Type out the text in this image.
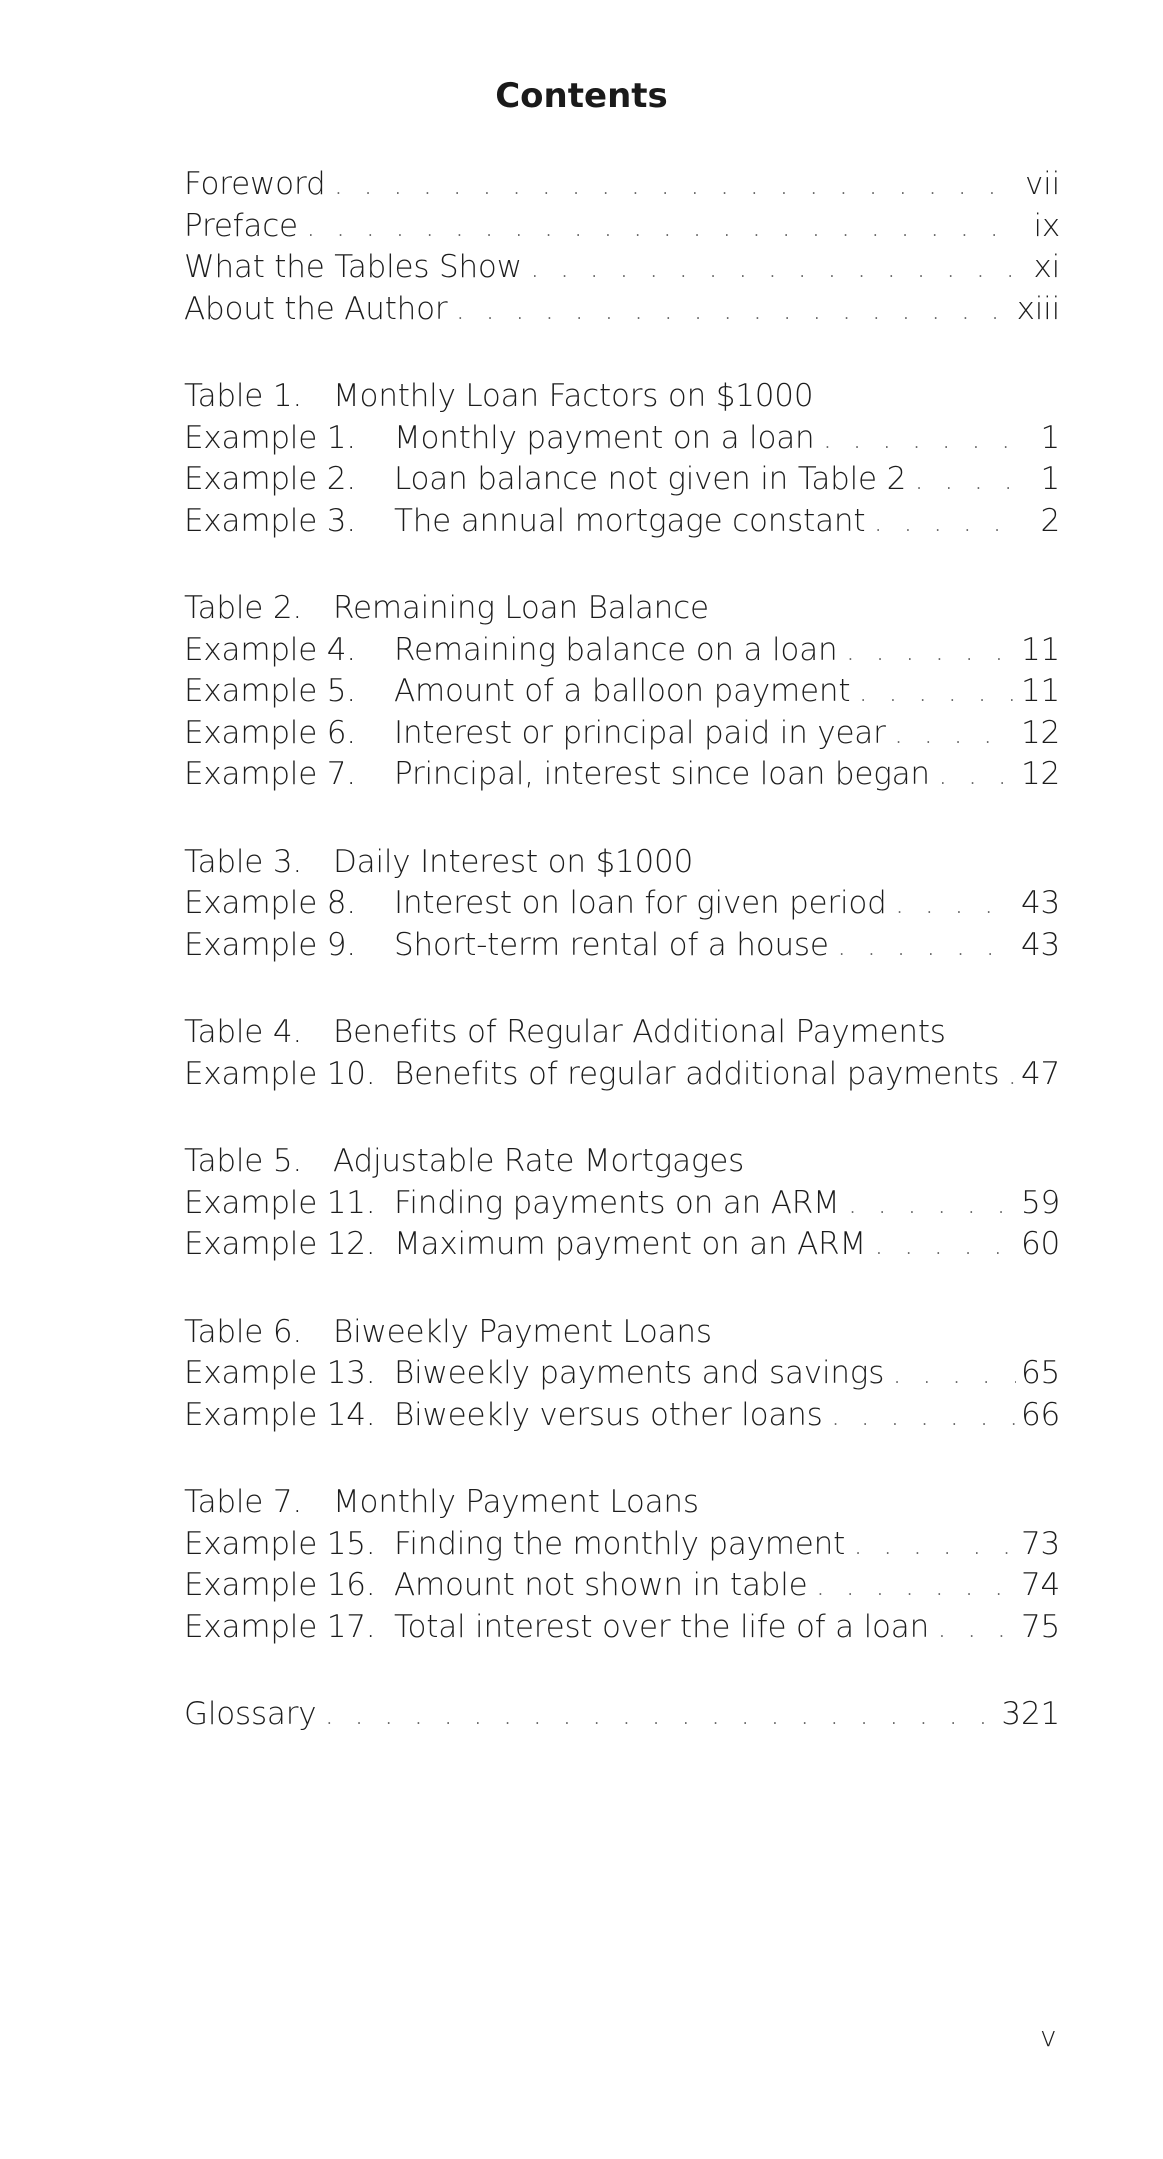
Contents
Foreword . . .	vii
Preface . . .	ix
What the Tables Show . . .	xi
About the Author . . .	xiii
Table 1.	Monthly Loan Factors on $1000
Example 1.	Monthly payment on a loan . . .	1
Example 2.	Loan balance not given in Table 2 . . .	1
Example 3.	The annual mortgage constant . . .	2
Table 2.	Remaining Loan Balance
Example 4.	Remaining balance on a loan . . .	11
Example 5.	Amount of a balloon payment . . .	11
Example 6.	Interest or principal paid in year . . .	12
Example 7.	Principal, interest since loan began . . .	12
Table 3.	Daily Interest on $1000
Example 8.	Interest on loan for given period . . .	43
Example 9.	Short-term rental of a house . . .	43
Table 4.	Benefits of Regular Additional Payments
Example 10. Benefits of regular additional payments . . . 47
Table 5.	Adjustable Rate Mortgages
Example 11. Finding payments on an ARM . . .	59
Example 12. Maximum payment on an ARM . . .	60
Table 6.	Biweekly Payment Loans
Example 13. Biweekly payments and savings . . .	65
Example 14. Biweekly versus other loans . . .	66
Table 7.	Monthly Payment Loans
Example 15. Finding the monthly payment . . .	73
Example 16. Amount not shown in table . . .	74
Example 17. Total interest over the life of a loan . . .	75
Glossary . . .	321
v
